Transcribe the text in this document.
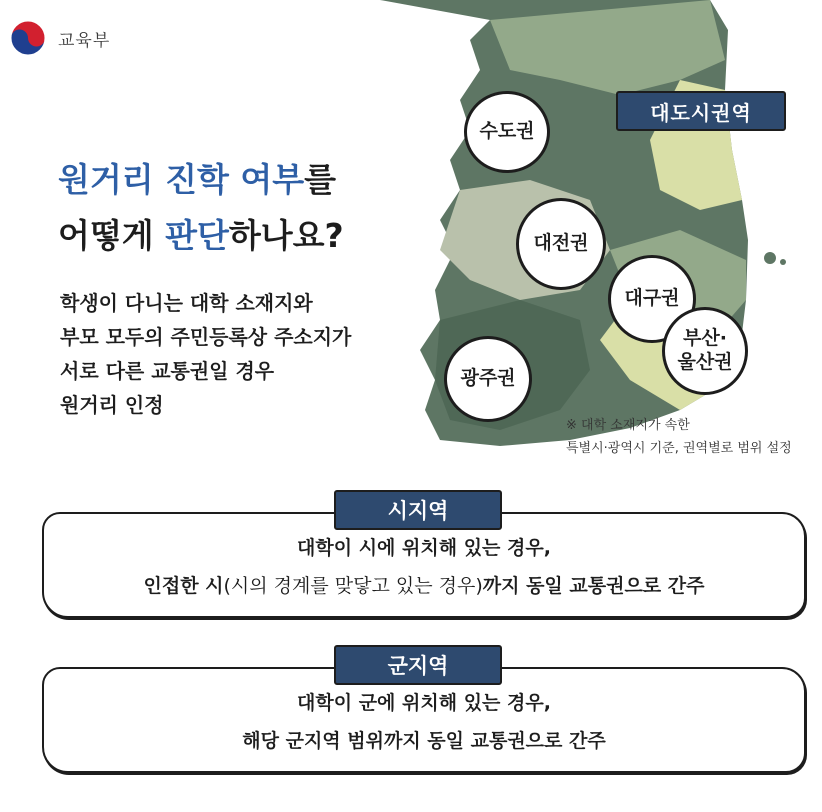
교육부
대도시권역
수도권
대전권
대구권
부산·
울산권
광주권
※ 대학 소재지가 속한
특별시·광역시 기준, 권역별로 범위 설정
원거리 진학 여부를
어떻게 판단하나요?
학생이 다니는 대학 소재지와
부모 모두의 주민등록상 주소지가
서로 다른 교통권일 경우
원거리 인정
대학이 시에 위치해 있는 경우,
인접한 시(시의 경계를 맞닿고 있는 경우)까지 동일 교통권으로 간주
시지역
대학이 군에 위치해 있는 경우,
해당 군지역 범위까지 동일 교통권으로 간주
군지역
